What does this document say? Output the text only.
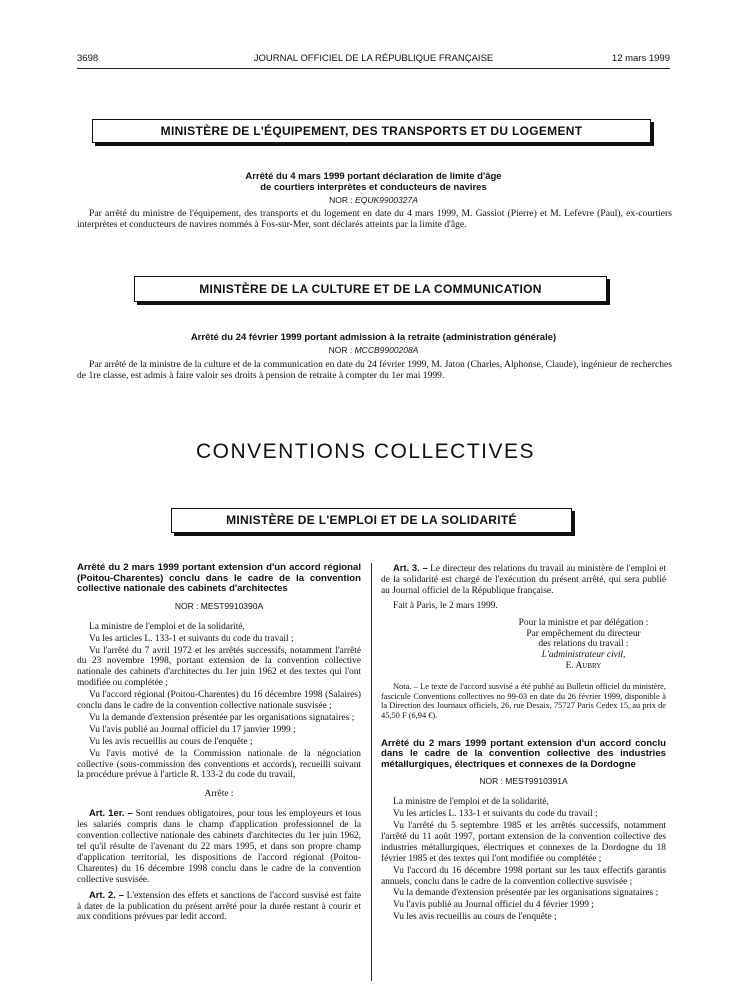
3698	JOURNAL OFFICIEL DE LA RÉPUBLIQUE FRANÇAISE	12 mars 1999
MINISTÈRE DE L'ÉQUIPEMENT, DES TRANSPORTS ET DU LOGEMENT
Arrêté du 4 mars 1999 portant déclaration de limite d'âge
de courtiers interprètes et conducteurs de navires
NOR : EQUK9900327A

Par arrêté du ministre de l'équipement, des transports et du logement en date du 4 mars 1999, M. Gassiot (Pierre) et M. Lefevre (Paul), ex-courtiers interprètes et conducteurs de navires nommés à Fos-sur-Mer, sont déclarés atteints par la limite d'âge.

MINISTÈRE DE LA CULTURE ET DE LA COMMUNICATION
Arrêté du 24 février 1999 portant admission à la retraite (administration générale)
NOR : MCCB9900208A

Par arrêté de la ministre de la culture et de la communication en date du 24 février 1999, M. Jaton (Charles, Alphonse, Claude), ingénieur de recherches de 1re classe, est admis à faire valoir ses droits à pension de retraite à compter du 1er mai 1999.

CONVENTIONS COLLECTIVES
MINISTÈRE DE L'EMPLOI ET DE LA SOLIDARITÉ

Arrêté du 2 mars 1999 portant extension d'un accord régional (Poitou-Charentes) conclu dans le cadre de la convention collective nationale des cabinets d'architectes

NOR : MEST9910390A

La ministre de l'emploi et de la solidarité,

Vu les articles L. 133-1 et suivants du code du travail ;

Vu l'arrêté du 7 avril 1972 et les arrêtés successifs, notamment l'arrêté du 23 novembre 1998, portant extension de la convention collective nationale des cabinets d'architectes du 1er juin 1962 et des textes qui l'ont modifiée ou complétée ;

Vu l'accord régional (Poitou-Charentes) du 16 décembre 1998 (Salaires) conclu dans le cadre de la convention collective nationale susvisée ;

Vu la demande d'extension présentée par les organisations signataires ;

Vu l'avis publié au Journal officiel du 17 janvier 1999 ;

Vu les avis recueillis au cours de l'enquête ;

Vu l'avis motivé de la Commission nationale de la négociation collective (sous-commission des conventions et accords), recueilli suivant la procédure prévue à l'article R. 133-2 du code du travail,

Arrête :

Art. 1er. – Sont rendues obligatoires, pour tous les employeurs et tous les salariés compris dans le champ d'application professionnel de la convention collective nationale des cabinets d'architectes du 1er juin 1962, tel qu'il résulte de l'avenant du 22 mars 1995, et dans son propre champ d'application territorial, les dispositions de l'accord régional (Poitou-Charentes) du 16 décembre 1998 conclu dans le cadre de la convention collective susvisée.

Art. 2. – L'extension des effets et sanctions de l'accord susvisé est faite à dater de la publication du présent arrêté pour la durée restant à courir et aux conditions prévues par ledit accord.

Art. 3. – Le directeur des relations du travail au ministère de l'emploi et de la solidarité est chargé de l'exécution du présent arrêté, qui sera publié au Journal officiel de la République française.

Fait à Paris, le 2 mars 1999.

Pour la ministre et par délégation :
Par empêchement du directeur
des relations du travail :
L'administrateur civil,
E. Aubry

Nota. – Le texte de l'accord susvisé a été publié au Bulletin officiel du ministère, fascicule Conventions collectives no 99-03 en date du 26 février 1999, disponible à la Direction des Journaux officiels, 26, rue Desaix, 75727 Paris Cedex 15, au prix de 45,50 F (6,94 €).

Arrêté du 2 mars 1999 portant extension d'un accord conclu dans le cadre de la convention collective des industries métallurgiques, électriques et connexes de la Dordogne

NOR : MEST9910391A

La ministre de l'emploi et de la solidarité,

Vu les articles L. 133-1 et suivants du code du travail ;

Vu l'arrêté du 5 septembre 1985 et les arrêtés successifs, notamment l'arrêté du 11 août 1997, portant extension de la convention collective des industries métallurgiques, électriques et connexes de la Dordogne du 18 février 1985 et des textes qui l'ont modifiée ou complétée ;

Vu l'accord du 16 décembre 1998 portant sur les taux effectifs garantis annuels, conclu dans le cadre de la convention collective susvisée ;

Vu la demande d'extension présentée par les organisations signataires ;

Vu l'avis publié au Journal officiel du 4 février 1999 ;

Vu les avis recueillis au cours de l'enquête ;
